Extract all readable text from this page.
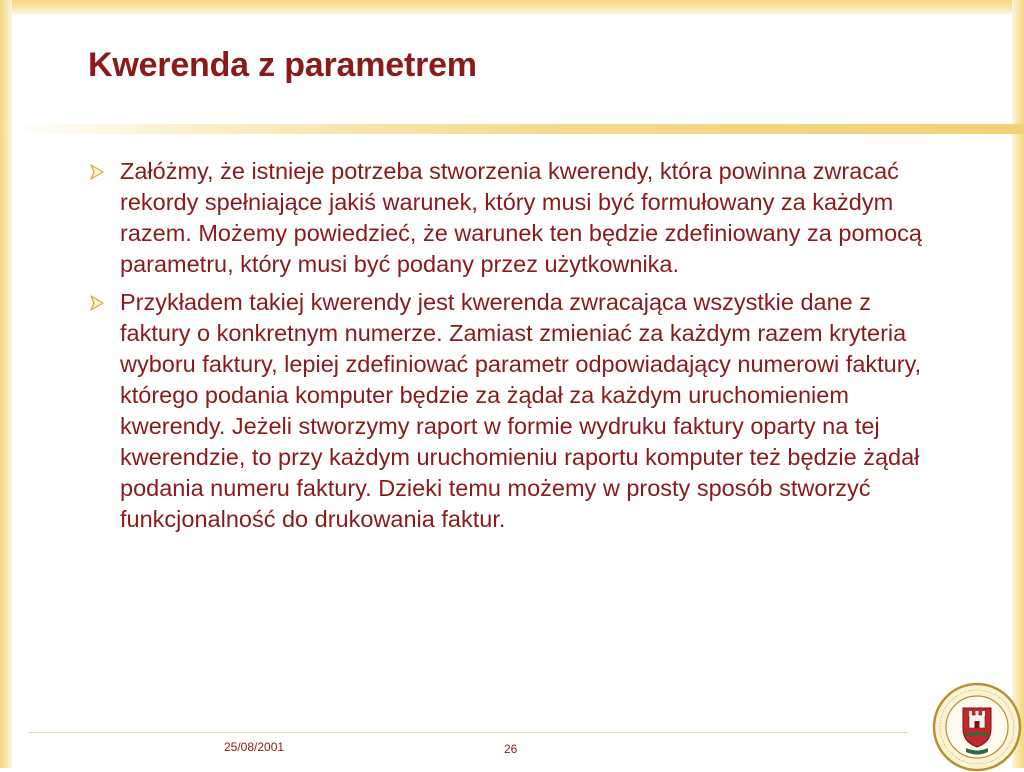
Kwerenda z parametrem
Załóżmy, że istnieje potrzeba stworzenia kwerendy, która powinna zwracać rekordy spełniające jakiś warunek, który musi być formułowany za każdym razem. Możemy powiedzieć, że warunek ten będzie zdefiniowany za pomocą parametru, który musi być podany przez użytkownika.
Przykładem takiej kwerendy jest kwerenda zwracająca wszystkie dane z faktury o konkretnym numerze. Zamiast zmieniać za każdym razem kryteria wyboru faktury, lepiej zdefiniować parametr odpowiadający numerowi faktury, którego podania komputer będzie za żądał za każdym uruchomieniem kwerendy. Jeżeli stworzymy raport w formie wydruku faktury oparty na tej kwerendzie, to przy każdym uruchomieniu raportu komputer też będzie żądał podania numeru faktury. Dzieki temu możemy w prosty sposób stworzyć funkcjonalność do drukowania faktur.
25/08/2001	26
